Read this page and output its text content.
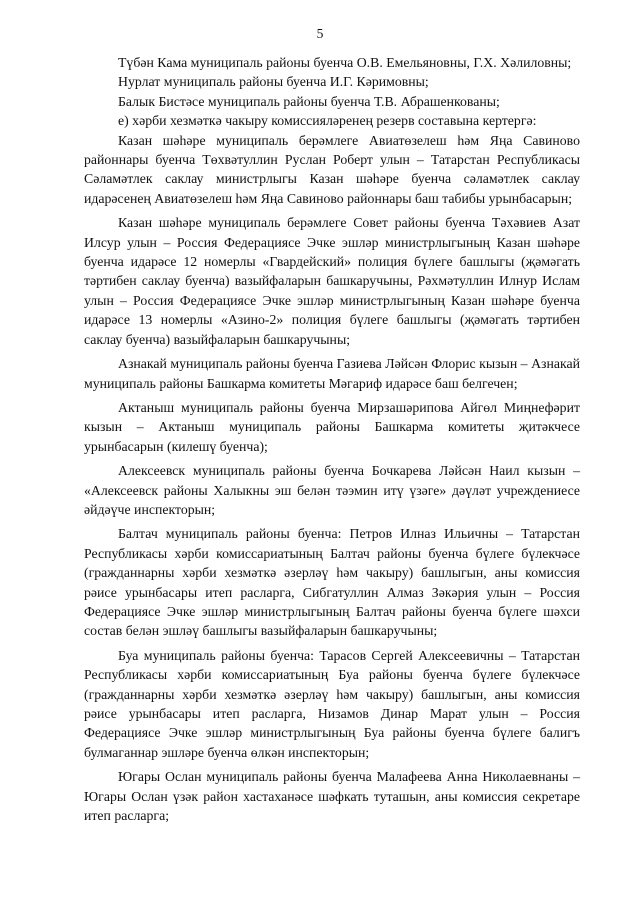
5

Түбән Кама муниципаль районы буенча О.В. Емельяновны, Г.Х. Хәлиловны;

Нурлат муниципаль районы буенча И.Г. Кәримовны;

Балык Бистәсе муниципаль районы буенча Т.В. Абрашенкованы;

е) хәрби хезмәткә чакыру комиссияләренең резерв составына кертергә:

Казан шәһәре муниципаль берәмлеге Авиатөзелеш һәм Яңа Савиново районнары буенча Төхвәтуллин Руслан Роберт улын – Татарстан Республикасы Сәламәтлек саклау министрлыгы Казан шәһәре буенча сәламәтлек саклау идарәсенең Авиатөзелеш һәм Яңа Савиново районнары баш табибы урынбасарын;

Казан шәһәре муниципаль берәмлеге Совет районы буенча Тәхәвиев Азат Илсур улын – Россия Федерациясе Эчке эшләр министрлыгының Казан шәһәре буенча идарәсе 12 номерлы «Гвардейский» полиция бүлеге башлыгы (җәмәгать тәртибен саклау буенча) вазыйфаларын башкаручыны, Рәхмәтуллин Илнур Ислам улын – Россия Федерациясе Эчке эшләр министрлыгының Казан шәһәре буенча идарәсе 13 номерлы «Азино-2» полиция бүлеге башлыгы (җәмәгать тәртибен саклау буенча) вазыйфаларын башкаручыны;

Азнакай муниципаль районы буенча Газиева Ләйсән Флорис кызын – Азнакай муниципаль районы Башкарма комитеты Мәгариф идарәсе баш белгечен;

Актаныш муниципаль районы буенча Мирзашәрипова Айгөл Миңнефәрит кызын – Актаныш муниципаль районы Башкарма комитеты җитәкчесе урынбасарын (килешү буенча);

Алексеевск муниципаль районы буенча Бочкарева Ләйсән Наил кызын – «Алексеевск районы Халыкны эш белән тәэмин итү үзәге» дәүләт учреждениесе әйдәүче инспекторын;

Балтач муниципаль районы буенча: Петров Илназ Ильичны – Татарстан Республикасы хәрби комиссариатының Балтач районы буенча бүлеге бүлекчәсе (гражданнарны хәрби хезмәткә әзерләү һәм чакыру) башлыгын, аны комиссия рәисе урынбасары итеп расларга, Сибгатуллин Алмаз Зәкәрия улын – Россия Федерациясе Эчке эшләр министрлыгының Балтач районы буенча бүлеге шәхси состав белән эшләү башлыгы вазыйфаларын башкаручыны;

Буа муниципаль районы буенча: Тарасов Сергей Алексеевичны – Татарстан Республикасы хәрби комиссариатының Буа районы буенча бүлеге бүлекчәсе (гражданнарны хәрби хезмәткә әзерләү һәм чакыру) башлыгын, аны комиссия рәисе урынбасары итеп расларга, Низамов Динар Марат улын – Россия Федерациясе Эчке эшләр министрлыгының Буа районы буенча бүлеге балигъ булмаганнар эшләре буенча өлкән инспекторын;

Югары Ослан муниципаль районы буенча Малафеева Анна Николаевнаны – Югары Ослан үзәк район хастаханәсе шәфкать туташын, аны комиссия секретаре итеп расларга;
